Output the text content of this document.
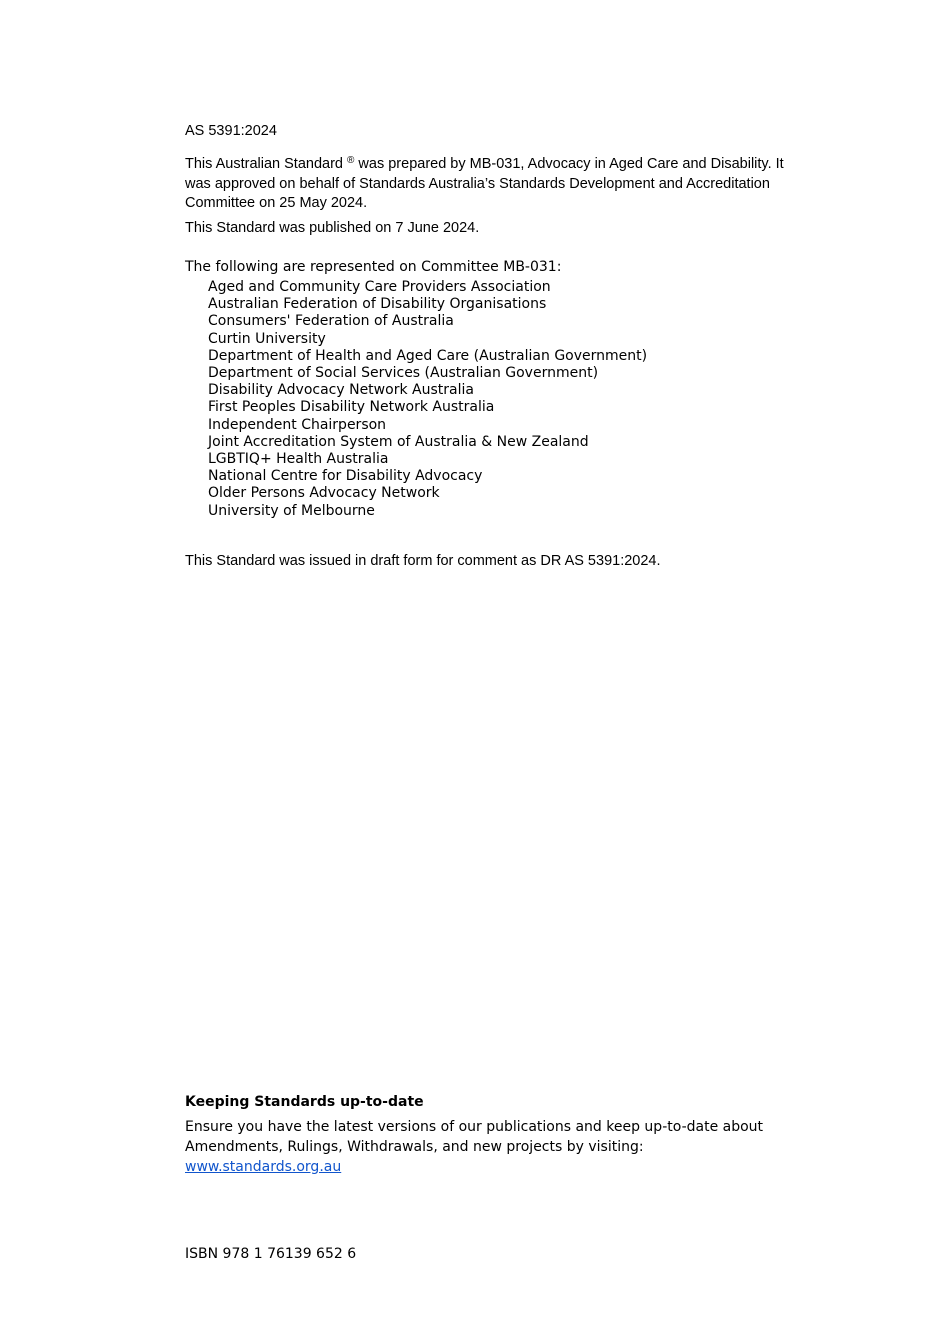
AS 5391:2024

This Australian Standard ® was prepared by MB-031, Advocacy in Aged Care and Disability. It was approved on behalf of Standards Australia’s Standards Development and Accreditation Committee on 25 May 2024.

This Standard was published on 7 June 2024.

The following are represented on Committee MB-031:

Aged and Community Care Providers Association
Australian Federation of Disability Organisations
Consumers' Federation of Australia
Curtin University
Department of Health and Aged Care (Australian Government)
Department of Social Services (Australian Government)
Disability Advocacy Network Australia
First Peoples Disability Network Australia
Independent Chairperson
Joint Accreditation System of Australia & New Zealand
LGBTIQ+ Health Australia
National Centre for Disability Advocacy
Older Persons Advocacy Network
University of Melbourne

This Standard was issued in draft form for comment as DR AS 5391:2024.

Keeping Standards up-to-date

Ensure you have the latest versions of our publications and keep up-to-date about Amendments, Rulings, Withdrawals, and new projects by visiting:
www.standards.org.au

ISBN 978 1 76139 652 6
